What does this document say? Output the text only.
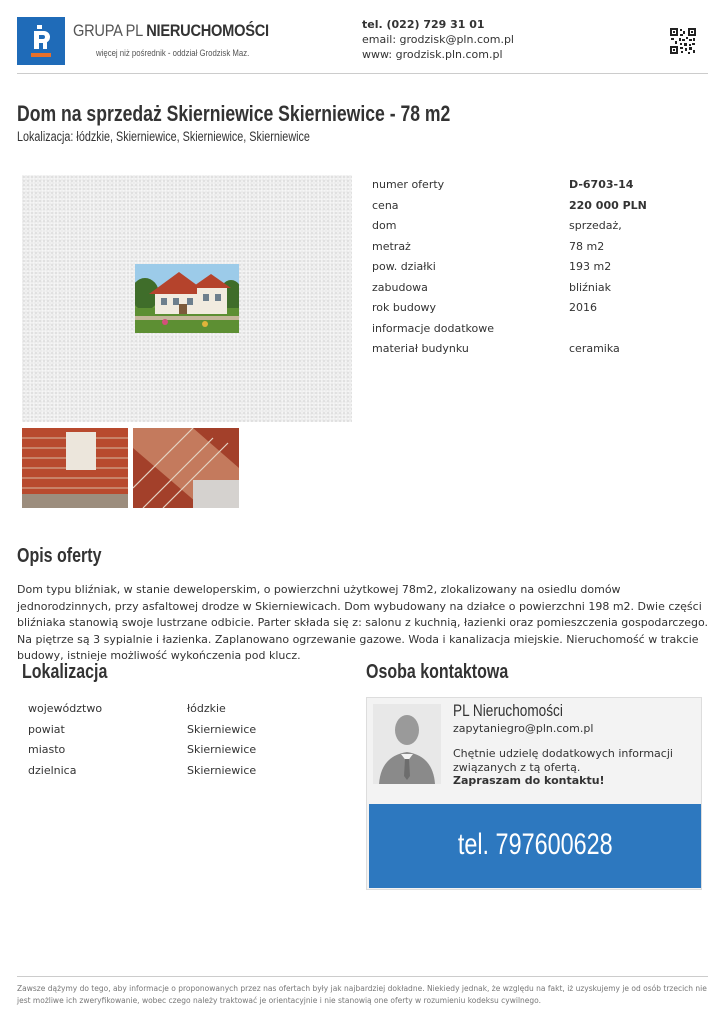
GRUPA PL NIERUCHOMOŚCI
więcej niż pośrednik - oddział Grodzisk Maz.
tel. (022) 729 31 01
email: grodzisk@pln.com.pl
www: grodzisk.pln.com.pl
Dom na sprzedaż Skierniewice Skierniewice - 78 m2
Lokalizacja: łódzkie, Skierniewice, Skierniewice, Skierniewice
numer oferty	D-6703-14
cena	220 000 PLN
dom	sprzedaż,
metraż	78 m2
pow. działki	193 m2
zabudowa	bliźniak
rok budowy	2016
informacje dodatkowe
materiał budynku	ceramika
Opis oferty

Dom typu bliźniak, w stanie deweloperskim, o powierzchni użytkowej 78m2, zlokalizowany na osiedlu domów jednorodzinnych, przy asfaltowej drodze w Skierniewicach. Dom wybudowany na działce o powierzchni 198 m2. Dwie części bliźniaka stanowią swoje lustrzane odbicie. Parter składa się z: salonu z kuchnią, łazienki oraz pomieszczenia gospodarczego. Na piętrze są 3 sypialnie i łazienka. Zaplanowano ogrzewanie gazowe. Woda i kanalizacja miejskie. Nieruchomość w trakcie budowy, istnieje możliwość wykończenia pod klucz.

Lokalizacja
województwo	łódzkie
powiat	Skierniewice
miasto	Skierniewice
dzielnica	Skierniewice
Osoba kontaktowa
PL Nieruchomości
zapytaniegro@pln.com.pl
Chętnie udzielę dodatkowych informacji związanych z tą ofertą.
Zapraszam do kontaktu!
tel. 797600628

Zawsze dążymy do tego, aby informacje o proponowanych przez nas ofertach były jak najbardziej dokładne. Niekiedy jednak, że względu na fakt, iż uzyskujemy je od osób trzecich nie jest możliwe ich zweryfikowanie, wobec czego należy traktować je orientacyjnie i nie stanowią one oferty w rozumieniu kodeksu cywilnego.
